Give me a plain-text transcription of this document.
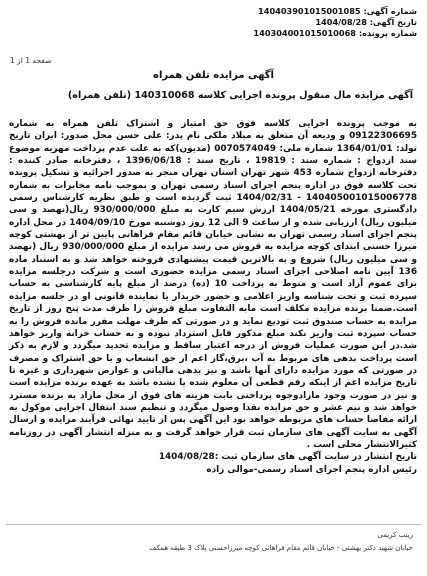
شماره آگهی: 140403901015001085
تاریخ آگهی: 1404/08/28
شماره پرونده: 140304001015010068
صفحه 1 از 1
آگهی مزایده تلفن همراه
آگهی مزایده مال منقول پرونده اجرایی کلاسه 140310068 (تلفن همراه)

به موجب پرونده اجرایی کلاسه فوق حق امتیاز و اشتراک تلفن همراه به شماره 09122306695 و ودیعه آن متعلق به میلاد ملکی نام پدر: علی حسن محل صدور: ایران تاریخ تولد: 1364/01/01 شماره ملی: 0070574049 (مدیون)که به علت عدم پرداخت مهریه موضوع سند ازدواج : شماره سند : 19819 ، تاریخ سند : 1396/06/18 ، دفترخانه صادر کننده : دفترخانه ازدواج شماره 453 شهر تهران استان تهران منجر به صدور اجرائیه و تشکیل پرونده تحت کلاسه فوق در اداره پنجم اجرای اسناد رسمی تهران و بموجب نامه مخابرات به شماره 140405001015006778 - 1404/02/31 ثبت گردیده است و طبق نظریه کارشناس رسمی دادگستری مورخه 1404/05/21 ارزش سیم کارت به مبلغ 930/000/000 ریال(نهصد و سی میلیون ریال) ارزیابی شده و از ساعت 9 الی 12 روز دوشنبه مورخ 1404/09/10 در محل اداره پنجم اجرای اسناد رسمی تهران به نشانی خیابان قائم مقام فراهانی پایین تر از بهشتی کوچه میرزا حسنی ابتدای کوچه مزایده به فروش می رسد مزایده از مبلغ 930/000/000 ریال (نهصد و سی میلیون ریال) شروع و به بالاترین قیمت پیشنهادی فروخته خواهد شد و به استناد ماده 136 آیین نامه اصلاحی اجرای اسناد رسمی مزایده حضوری است و شرکت درجلسه مزایده برای عموم آزاد است و منوط به پرداخت 10 (ده) درصد از مبلغ پایه کارشناسی به حساب سپرده ثبت و تحت شناسه واریز اعلامی و حضور خریدار یا نماینده قانونی او در جلسه مزایده است.ضمنا برنده مزایده مکلف است مابه التفاوت مبلغ فروش را ظرف مدت پنج روز از تاریخ مزایده به حساب صندوق ثبت تودیع نماید و در صورتی که ظرف مهلت مقرر مانده فروش را به حساب سپرده ثبت واریز نکند مبلغ مذکور قابل استرداد نبوده و به حساب خزانه واریز خواهد شد.در این صورت عملیات فروش از درجه اعتبار ساقط و مزایده تجدید میگردد و لازم به ذکر است پرداخت بدهی های مربوط به آب ،برق،گاز اعم از حق انشعاب و یا حق اشتراک و مصرف در صورتی که مورد مزایده دارای آنها باشد و نیز بدهی مالیاتی و عوارض شهرداری و غیره تا تاریخ مزایده اعم از اینکه رقم قطعی آن معلوم شده یا نشده باشد به عهده برنده مزایده است و نیز در صورت وجود مازادوجوه پرداختی بابت هزینه های فوق از محل مازاد به برنده مسترد خواهد شد و نیم عشر و حق مزایده نقدا وصول میگردد و تنظیم سند انتقال اجرایی موکول به ارائه مفاصا حساب های مربوطه خواهد بود این آگهی پس از تایید نهائی فرآیند مزایده و ارسال آگهی به سایت آگهی های سازمان ثبت قرار خواهد گرفت و به منزله انتشار آگهی در روزنامه کثیرالانتشار محلی است .
تاریخ انتشار در سایت آگهی های سازمان ثبت :1404/08/28
رئیس اداره پنجم اجرای اسناد رسمی-موالی زاده

زینب کریمی
خیابان شهید دکتر بهشتی - خیابان قائم مقام فراهانی کوچه میرزاحسنی پلاک 3 طبقه همکف
